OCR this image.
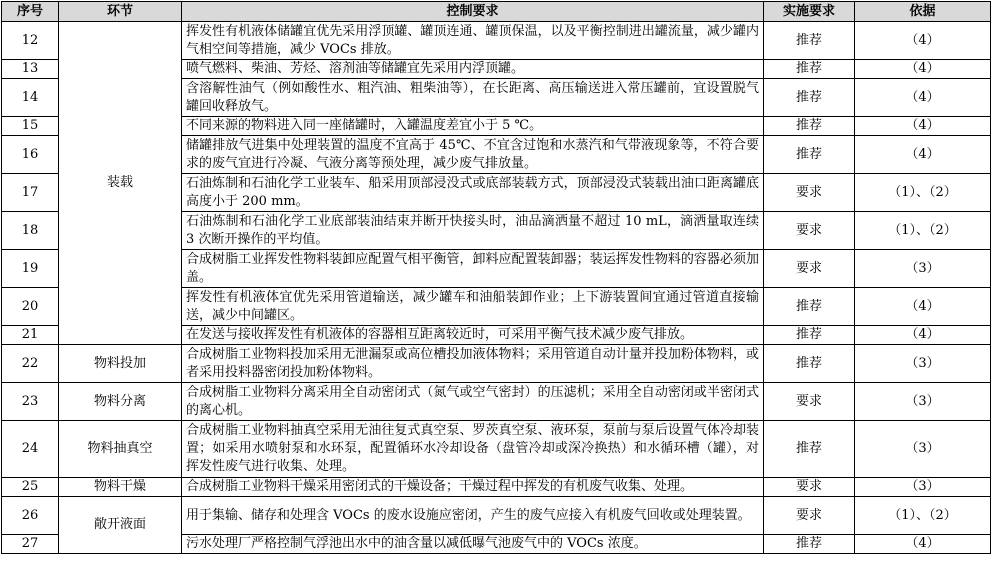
序号	环节	控制要求	实施要求	依据
12	装载	挥发性有机液体储罐宜优先采用浮顶罐、罐顶连通、罐顶保温，以及平衡控制进出罐流量，减少罐内气相空间等措施，减少 VOCs 排放。	推荐	（4）
13		喷气燃料、柴油、芳烃、溶剂油等储罐宜先采用内浮顶罐。	推荐	（4）
14		含溶解性油气（例如酸性水、粗汽油、粗柴油等），在长距离、高压输送进入常压罐前，宜设置脱气罐回收释放气。	推荐	（4）
15		不同来源的物料进入同一座储罐时，入罐温度差宜小于 5 ℃。	推荐	（4）
16		储罐排放气进集中处理装置的温度不宜高于 45℃、不宜含过饱和水蒸汽和气带液现象等，不符合要求的废气宜进行冷凝、气液分离等预处理，减少废气排放量。	推荐	（4）
17		石油炼制和石油化学工业装车、船采用顶部浸没式或底部装载方式，顶部浸没式装载出油口距离罐底高度小于 200 mm。	要求	（1）、（2）
18		石油炼制和石油化学工业底部装油结束并断开快接头时，油品滴洒量不超过 10 mL，滴洒量取连续 3 次断开操作的平均值。	要求	（1）、（2）
19		合成树脂工业挥发性物料装卸应配置气相平衡管，卸料应配置装卸器；装运挥发性物料的容器必须加盖。	要求	（3）
20		挥发性有机液体宜优先采用管道输送，减少罐车和油船装卸作业；上下游装置间宜通过管道直接输送，减少中间罐区。	推荐	（4）
21		在发送与接收挥发性有机液体的容器相互距离较近时，可采用平衡气技术减少废气排放。	推荐	（4）
22	物料投加	合成树脂工业物料投加采用无泄漏泵或高位槽投加液体物料；采用管道自动计量并投加粉体物料，或者采用投料器密闭投加粉体物料。	推荐	（3）
23	物料分离	合成树脂工业物料分离采用全自动密闭式（氮气或空气密封）的压滤机；采用全自动密闭或半密闭式的离心机。	要求	（3）
24	物料抽真空	合成树脂工业物料抽真空采用无油往复式真空泵、罗茨真空泵、液环泵，泵前与泵后设置气体冷却装置；如采用水喷射泵和水环泵，配置循环水冷却设备（盘管冷却或深冷换热）和水循环槽（罐），对挥发性废气进行收集、处理。	推荐	（3）
25	物料干燥	合成树脂工业物料干燥采用密闭式的干燥设备；干燥过程中挥发的有机废气收集、处理。	要求	（3）
26	敞开液面	用于集输、储存和处理含 VOCs 的废水设施应密闭，产生的废气应接入有机废气回收或处理装置。	要求	（1）、（2）
27		污水处理厂严格控制气浮池出水中的油含量以减低曝气池废气中的 VOCs 浓度。	推荐	（4）
